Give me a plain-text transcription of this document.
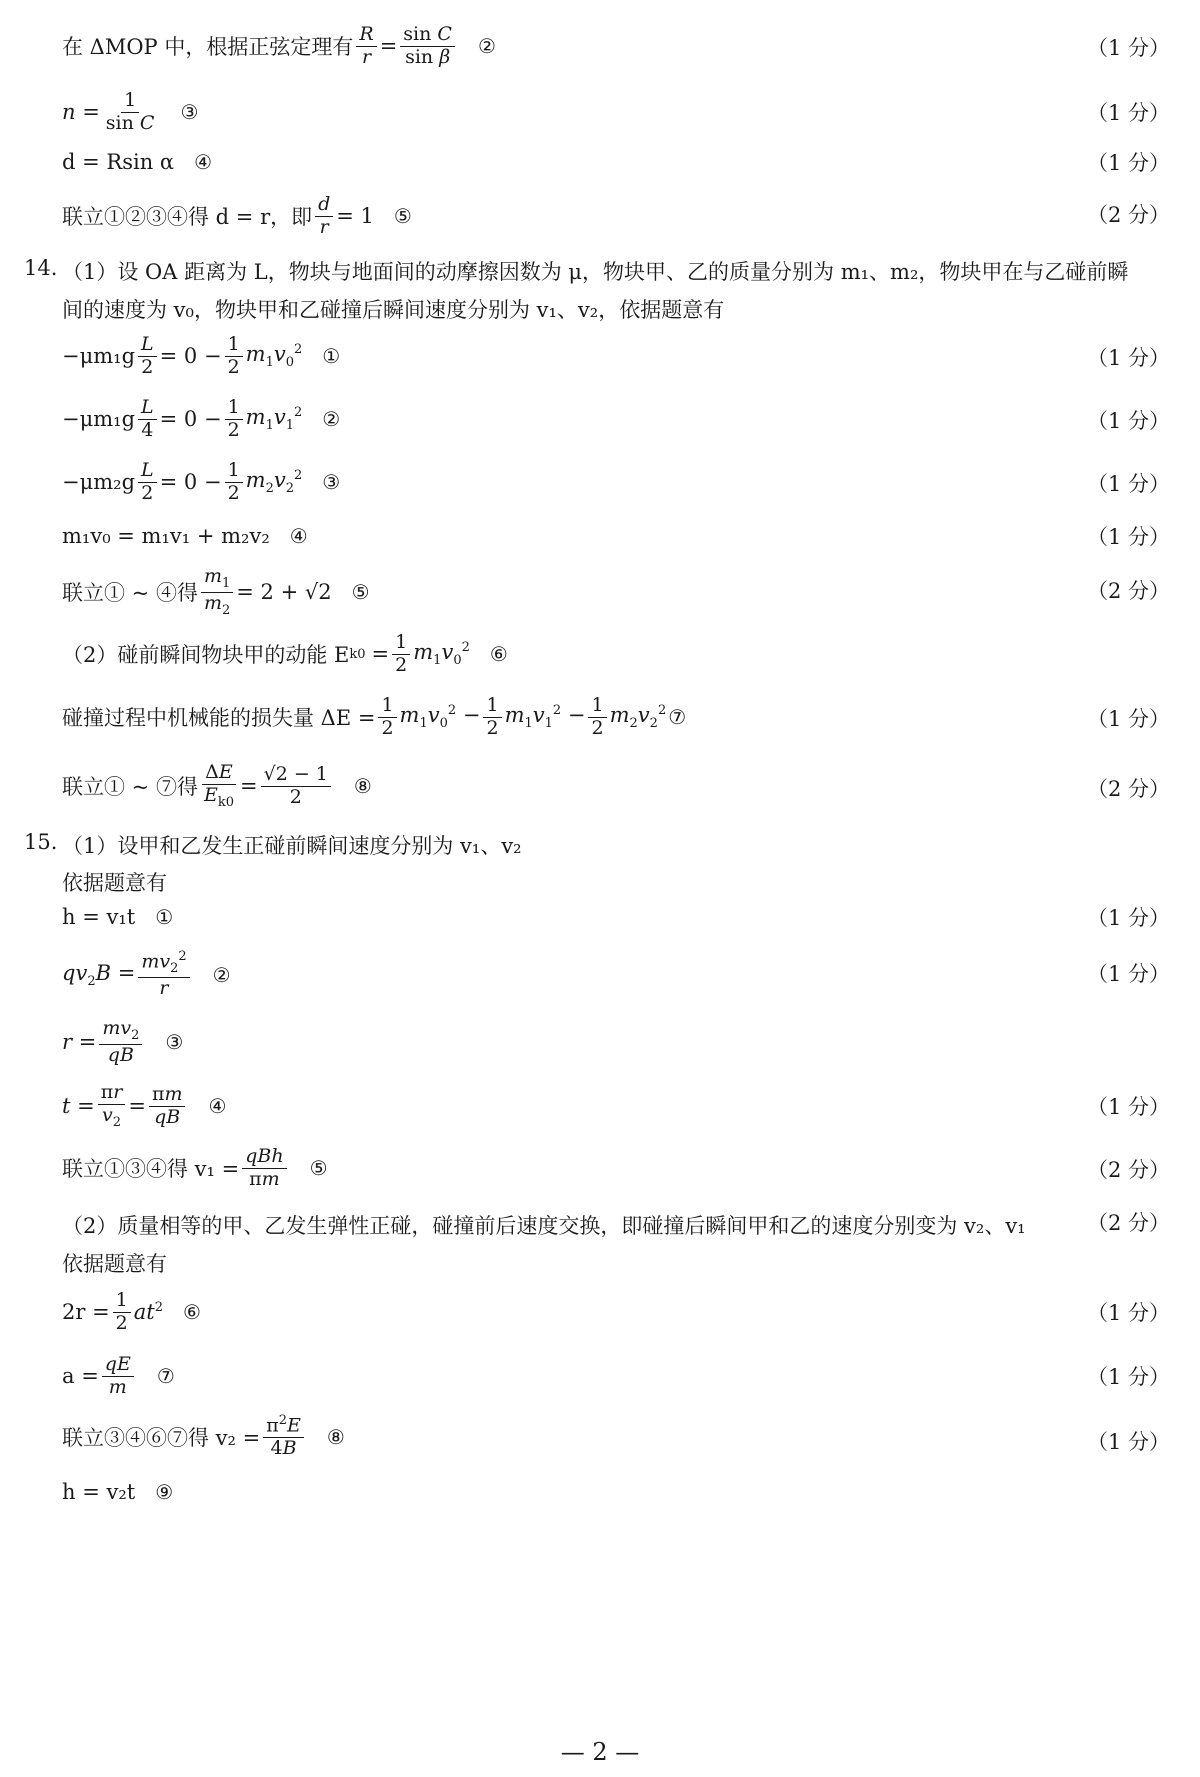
在 ΔMOP 中，根据正弦定理有 $\frac{R}{r} = \frac{\text{sin C}}{\text{sin β}}$ ②	（1 分）
$n = \frac{1}{\text{sin C}}$ ③	（1 分）
d = Rsin α ④	（1 分）
联立①②③④得 d = r，即 $\frac{d}{r} = 1$ ⑤	（2 分）
14. （1）设 OA 距离为 L，物块与地面间的动摩擦因数为 μ，物块甲、乙的质量分别为 m₁、m₂，物块甲在与乙碰前瞬
间的速度为 v₀，物块甲和乙碰撞后瞬间速度分别为 v₁、v₂，依据题意有
$-\mu m_1g \frac{L}{2} = 0 - \frac{1}{2} m_1v_0^2$ ①	（1 分）
$-\mu m_1g \frac{L}{4} = 0 - \frac{1}{2} m_1v_1^2$ ②	（1 分）
$-\mu m_2g \frac{L}{2} = 0 - \frac{1}{2} m_2v_2^2$ ③	（1 分）
m₁v₀ = m₁v₁ + m₂v₂ ④	（1 分）
联立① ~ ④得 $\frac{m_1}{m_2} = 2 + √2$ ⑤	（2 分）
（2）碰前瞬间物块甲的动能 E $k0 = \frac{1}{2} m_1v_0^2$ ⑥
碰撞过程中机械能的损失量 $\Delta E = \frac{1}{2} m_1v_0^2 - \frac{1}{2} m_1v_1^2 - \frac{1}{2} m_2v_2^2$ ⑦	（1 分）
联立① ~ ⑦得 $\frac{\Delta E}{E_{k0}} = \frac{√2 - 1}{2}$ ⑧	（2 分）
15. （1）设甲和乙发生正碰前瞬间速度分别为 v₁、v₂
依据题意有
h = v₁t ①	（1 分）
$qv_2B = \frac{mv_2^2}{r}$ ②	（1 分）
$r = \frac{mv_2}{qB}$ ③
$t = \frac{\pi r}{v_2} = \frac{\pi m}{qB}$ ④	（1 分）
联立①③④得 $v_1 = \frac{\text{qBh}}{\pi m}$ ⑤	（2 分）
（2）质量相等的甲、乙发生弹性正碰，碰撞前后速度交换，即碰撞后瞬间甲和乙的速度分别变为 v₂、v₁	（2 分）
依据题意有
$2r = \frac{1}{2} at^2$ ⑥	（1 分）
$a = \frac{qE}{m}$ ⑦	（1 分）
联立③④⑥⑦得 $v_2 = \frac{\pi^2E}{4B}$ ⑧	（1 分）
h = v₂t ⑨
— 2 —
